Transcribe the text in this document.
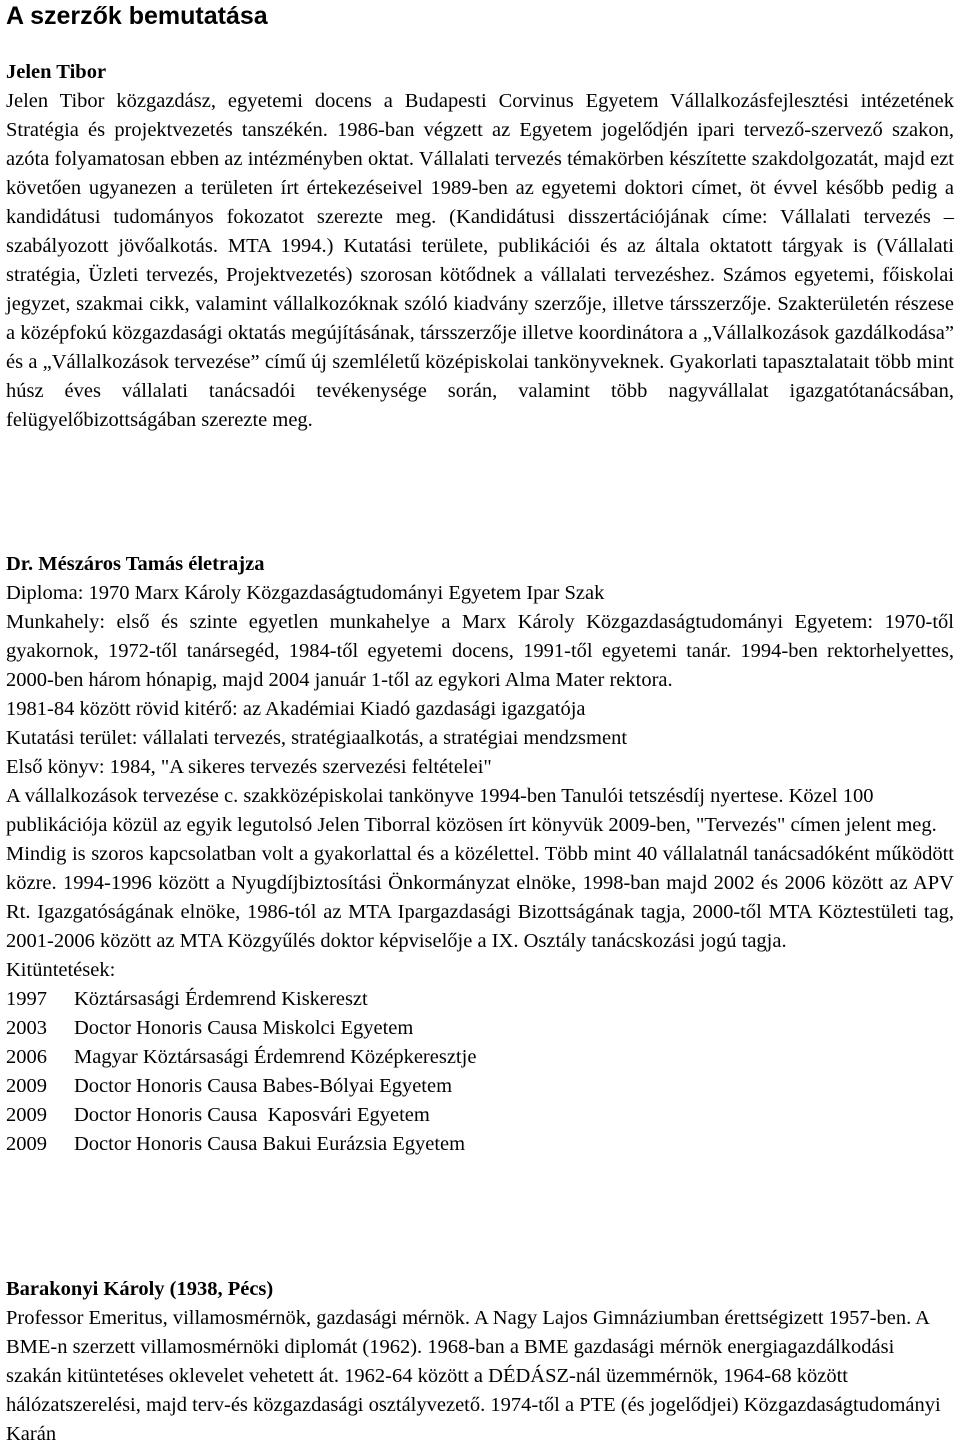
A szerzők bemutatása

Jelen Tibor

Jelen Tibor közgazdász, egyetemi docens a Budapesti Corvinus Egyetem Vállalkozásfejlesztési intézetének Stratégia és projektvezetés tanszékén. 1986-ban végzett az Egyetem jogelődjén ipari tervező-szervező szakon, azóta folyamatosan ebben az intézményben oktat. Vállalati tervezés témakörben készítette szakdolgozatát, majd ezt követően ugyanezen a területen írt értekezéseivel 1989-ben az egyetemi doktori címet, öt évvel később pedig a kandidátusi tudományos fokozatot szerezte meg. (Kandidátusi disszertációjának címe: Vállalati tervezés – szabályozott jövőalkotás. MTA 1994.) Kutatási területe, publikációi és az általa oktatott tárgyak is (Vállalati stratégia, Üzleti tervezés, Projektvezetés) szorosan kötődnek a vállalati tervezéshez. Számos egyetemi, főiskolai jegyzet, szakmai cikk, valamint vállalkozóknak szóló kiadvány szerzője, illetve társszerzője. Szakterületén részese a középfokú közgazdasági oktatás megújításának, társszerzője illetve koordinátora a „Vállalkozások gazdálkodása” és a „Vállalkozások tervezése” című új szemléletű középiskolai tankönyveknek. Gyakorlati tapasztalatait több mint húsz éves vállalati tanácsadói tevékenysége során, valamint több nagyvállalat igazgatótanácsában, felügyelőbizottságában szerezte meg.

Dr. Mészáros Tamás életrajza

Diploma: 1970 Marx Károly Közgazdaságtudományi Egyetem Ipar Szak

Munkahely: első és szinte egyetlen munkahelye a Marx Károly Közgazdaságtudományi Egyetem: 1970-től gyakornok, 1972-től tanársegéd, 1984-től egyetemi docens, 1991-től egyetemi tanár. 1994-ben rektorhelyettes, 2000-ben három hónapig, majd 2004 január 1-től az egykori Alma Mater rektora.

1981-84 között rövid kitérő: az Akadémiai Kiadó gazdasági igazgatója

Kutatási terület: vállalati tervezés, stratégiaalkotás, a stratégiai mendzsment

Első könyv: 1984, "A sikeres tervezés szervezési feltételei"

A vállalkozások tervezése c. szakközépiskolai tankönyve 1994-ben Tanulói tetszésdíj nyertese. Közel 100 publikációja közül az egyik legutolsó Jelen Tiborral közösen írt könyvük 2009-ben, "Tervezés" címen jelent meg.

Mindig is szoros kapcsolatban volt a gyakorlattal és a közélettel. Több mint 40 vállalatnál tanácsadóként működött közre. 1994-1996 között a Nyugdíjbiztosítási Önkormányzat elnöke, 1998-ban majd 2002 és 2006 között az APV Rt. Igazgatóságának elnöke, 1986-tól az MTA Ipargazdasági Bizottságának tagja, 2000-től MTA Köztestületi tag, 2001-2006 között az MTA Közgyűlés doktor képviselője a IX. Osztály tanácskozási jogú tagja.

Kitüntetések:

1997	Köztársasági Érdemrend Kiskereszt
2003	Doctor Honoris Causa Miskolci Egyetem
2006	Magyar Köztársasági Érdemrend Középkeresztje
2009	Doctor Honoris Causa Babes-Bólyai Egyetem
2009	Doctor Honoris Causa  Kaposvári Egyetem
2009	Doctor Honoris Causa Bakui Eurázsia Egyetem

Barakonyi Károly (1938, Pécs)

Professor Emeritus, villamosmérnök, gazdasági mérnök. A Nagy Lajos Gimnáziumban érettségizett 1957-ben. A BME-n szerzett villamosmérnöki diplomát (1962). 1968-ban a BME gazdasági mérnök energiagazdálkodási szakán kitüntetéses oklevelet vehetett át. 1962-64 között a DÉDÁSZ-nál üzemmérnök, 1964-68 között hálózatszerelési, majd terv-és közgazdasági osztályvezető. 1974-től a PTE (és jogelődjei) Közgazdaságtudományi Karán
